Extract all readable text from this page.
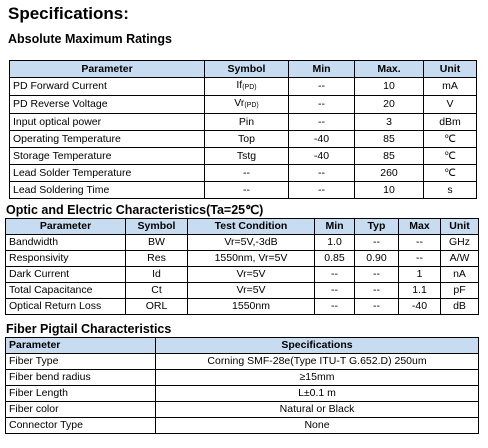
Specifications:
Absolute Maximum Ratings
Parameter	Symbol	Min	Max.	Unit
PD Forward Current	If(PD)	--	10	mA
PD Reverse Voltage	Vr(PD)	--	20	V
Input optical power	Pin	--	3	dBm
Operating Temperature	Top	-40	85	℃
Storage Temperature	Tstg	-40	85	℃
Lead Solder Temperature	--	--	260	℃
Lead Soldering Time	--	--	10	s
Optic and Electric Characteristics(Ta=25℃)
Parameter	Symbol	Test Condition	Min	Typ	Max	Unit
Bandwidth	BW	Vr=5V,-3dB	1.0	--	--	GHz
Responsivity	Res	1550nm, Vr=5V	0.85	0.90	--	A/W
Dark Current	Id	Vr=5V	--	--	1	nA
Total Capacitance	Ct	Vr=5V	--	--	1.1	pF
Optical Return Loss	ORL	1550nm	--	--	-40	dB
Fiber Pigtail Characteristics
Parameter	Specifications
Fiber Type	Corning SMF-28e(Type ITU-T G.652.D) 250um
Fiber bend radius	≥15mm
Fiber Length	L±0.1 m
Fiber color	Natural or Black
Connector Type	None
